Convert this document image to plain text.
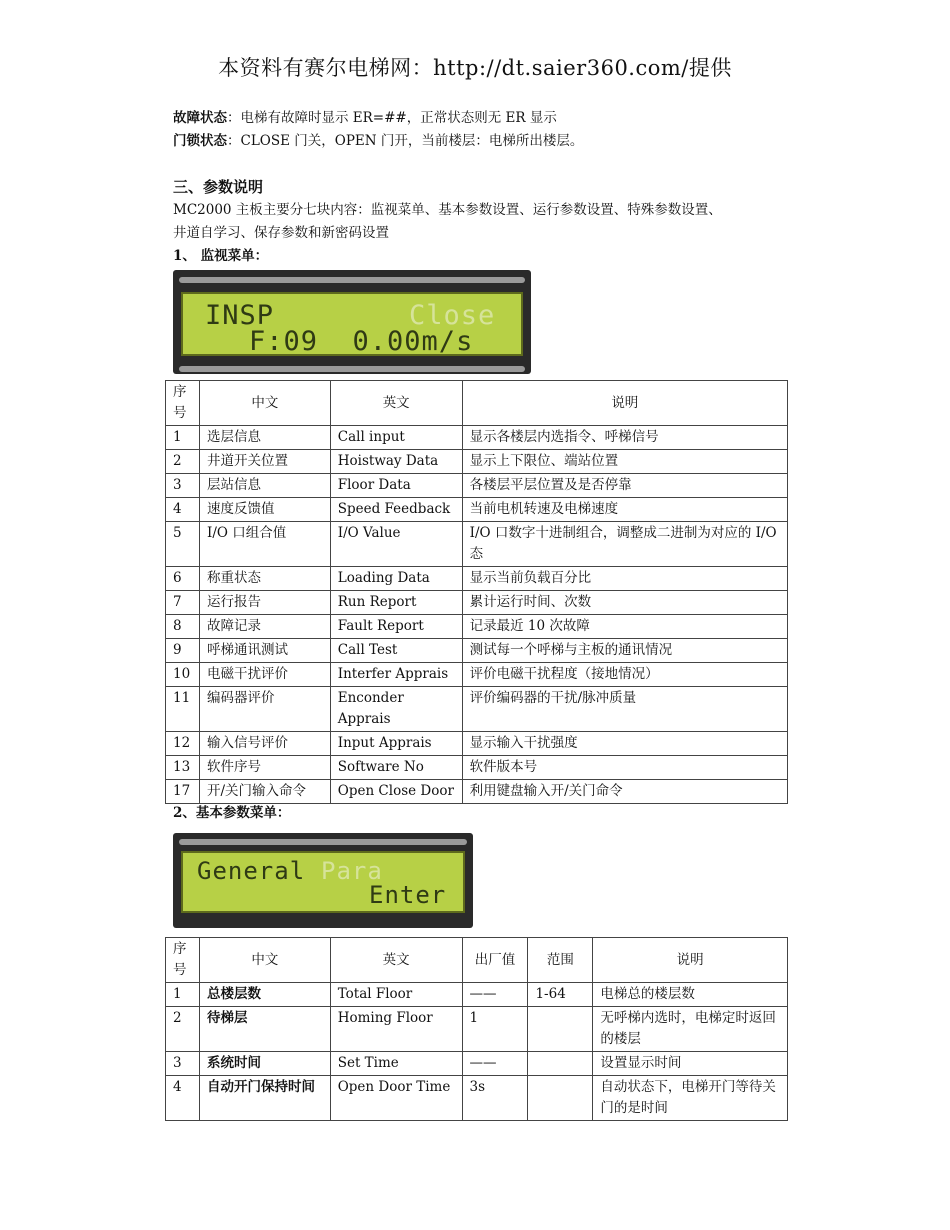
本资料有赛尔电梯网：http://dt.saier360.com/提供
故障状态：电梯有故障时显示 ER=##，正常状态则无 ER 显示
门锁状态：CLOSE 门关，OPEN 门开，当前楼层：电梯所出楼层。
三、参数说明
MC2000 主板主要分七块内容：监视菜单、基本参数设置、运行参数设置、特殊参数设置、
井道自学习、保存参数和新密码设置
1、 监视菜单：
INSP	Close
F:09  0.00m/s
序号	中文	英文	说明
1	选层信息	Call input	显示各楼层内选指令、呼梯信号
2	井道开关位置	Hoistway Data	显示上下限位、端站位置
3	层站信息	Floor Data	各楼层平层位置及是否停靠
4	速度反馈值	Speed Feedback	当前电机转速及电梯速度
5	I/O 口组合值	I/O Value	I/O 口数字十进制组合，调整成二进制为对应的 I/O 态
6	称重状态	Loading Data	显示当前负载百分比
7	运行报告	Run Report	累计运行时间、次数
8	故障记录	Fault Report	记录最近 10 次故障
9	呼梯通讯测试	Call Test	测试每一个呼梯与主板的通讯情况
10	电磁干扰评价	Interfer Apprais	评价电磁干扰程度（接地情况）
11	编码器评价	Enconder Apprais	评价编码器的干扰/脉冲质量
12	输入信号评价	Input Apprais	显示输入干扰强度
13	软件序号	Software No	软件版本号
17	开/关门输入命令	Open Close Door	利用键盘输入开/关门命令
2、基本参数菜单：
General Para
Enter
序号	中文	英文	出厂值	范围	说明
1	总楼层数	Total Floor	——	1-64	电梯总的楼层数
2	待梯层	Homing Floor	1		无呼梯内选时，电梯定时返回的楼层
3	系统时间	Set Time	——		设置显示时间
4	自动开门保持时间	Open Door Time	3s		自动状态下，电梯开门等待关门的是时间
